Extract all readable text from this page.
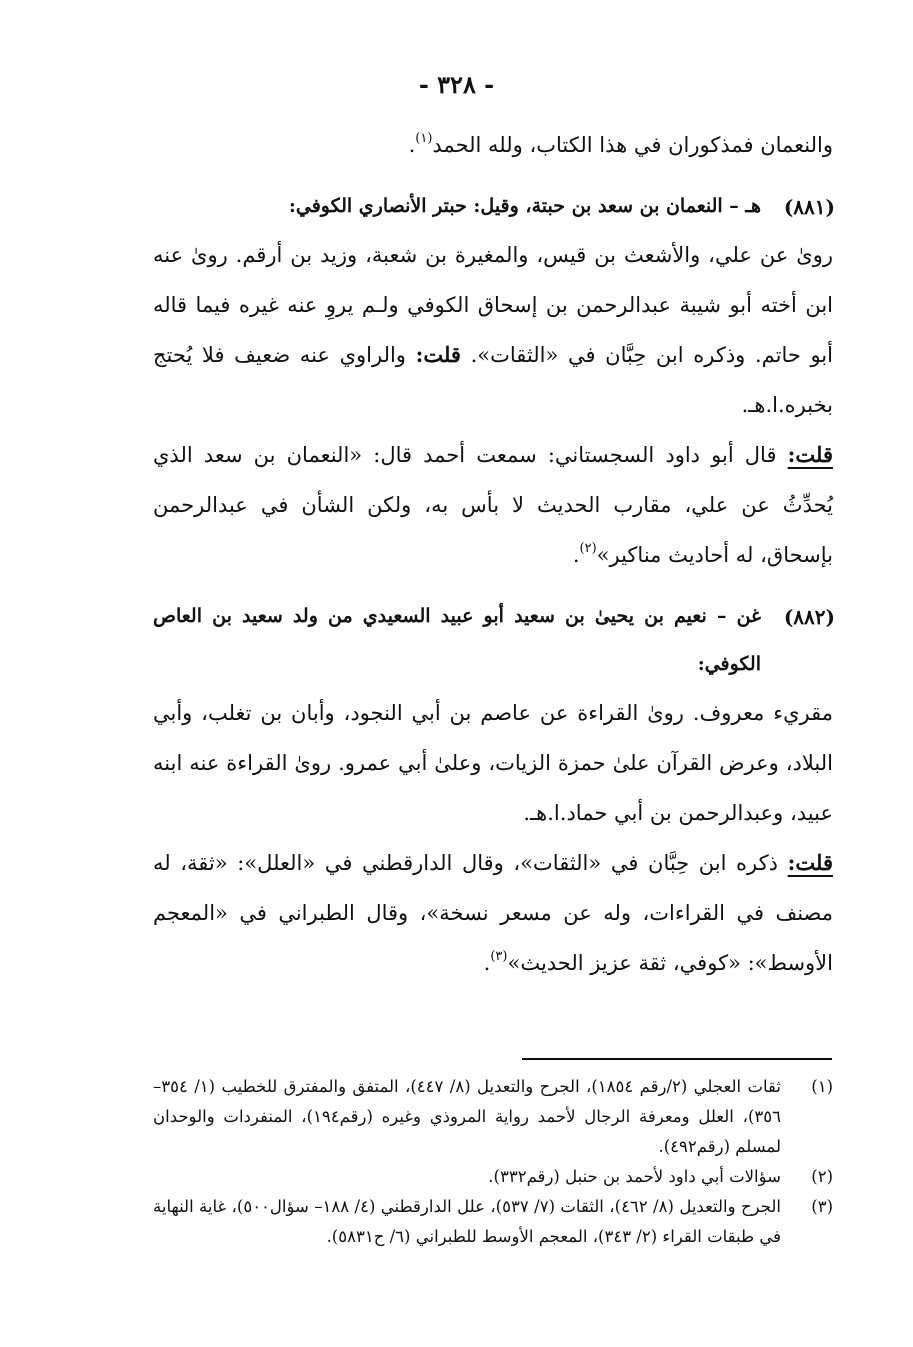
- ٣٢٨ -

والنعمان فمذكوران في هذا الكتاب، ولله الحمد$^{(١)}$.

(٨٨١)
هـ – النعمان بن سعد بن حبتة، وقيل: حبتر الأنصاري الكوفي:

روىٰ عن علي، والأشعث بن قيس، والمغيرة بن شعبة، وزيد بن أرقم. روىٰ عنه ابن أخته أبو شيبة عبدالرحمن بن إسحاق الكوفي ولـم يروِ عنه غيره فيما قاله أبو حاتم. وذكره ابن حِبَّان في «الثقات». قلت: والراوي عنه ضعيف فلا يُحتج بخبره.ا.هـ.

قلت: قال أبو داود السجستاني: سمعت أحمد قال: «النعمان بن سعد الذي يُحدِّثُ عن علي، مقارب الحديث لا بأس به، ولكن الشأن في عبدالرحمن بإسحاق، له أحاديث مناكير»$^{(٢)}$.

(٨٨٢)
غن – نعيم بن يحيىٰ بن سعيد أبو عبيد السعيدي من ولد سعيد بن العاص الكوفي:

مقريء معروف. روىٰ القراءة عن عاصم بن أبي النجود، وأبان بن تغلب، وأبي البلاد، وعرض القرآن علىٰ حمزة الزيات، وعلىٰ أبي عمرو. روىٰ القراءة عنه ابنه عبيد، وعبدالرحمن بن أبي حماد.ا.هـ.

قلت: ذكره ابن حِبَّان في «الثقات»، وقال الدارقطني في «العلل»: «ثقة، له مصنف في القراءات، وله عن مسعر نسخة»، وقال الطبراني في «المعجم الأوسط»: «كوفي، ثقة عزيز الحديث»$^{(٣)}$.

(١)
ثقات العجلي (٢/رقم ١٨٥٤)، الجرح والتعديل (٨/ ٤٤٧)، المتفق والمفترق للخطيب (١/ ٣٥٤–٣٥٦)، العلل ومعرفة الرجال لأحمد رواية المروذي وغيره (رقم١٩٤)، المنفردات والوحدان لمسلم (رقم٤٩٢).

(٢)
سؤالات أبي داود لأحمد بن حنبل (رقم٣٣٢).

(٣)
الجرح والتعديل (٨/ ٤٦٢)، الثقات (٧/ ٥٣٧)، علل الدارقطني (٤/ ١٨٨– سؤال٥٠٠)، غاية النهاية في طبقات القراء (٢/ ٣٤٣)، المعجم الأوسط للطبراني (٦/ ح٥٨٣١).
